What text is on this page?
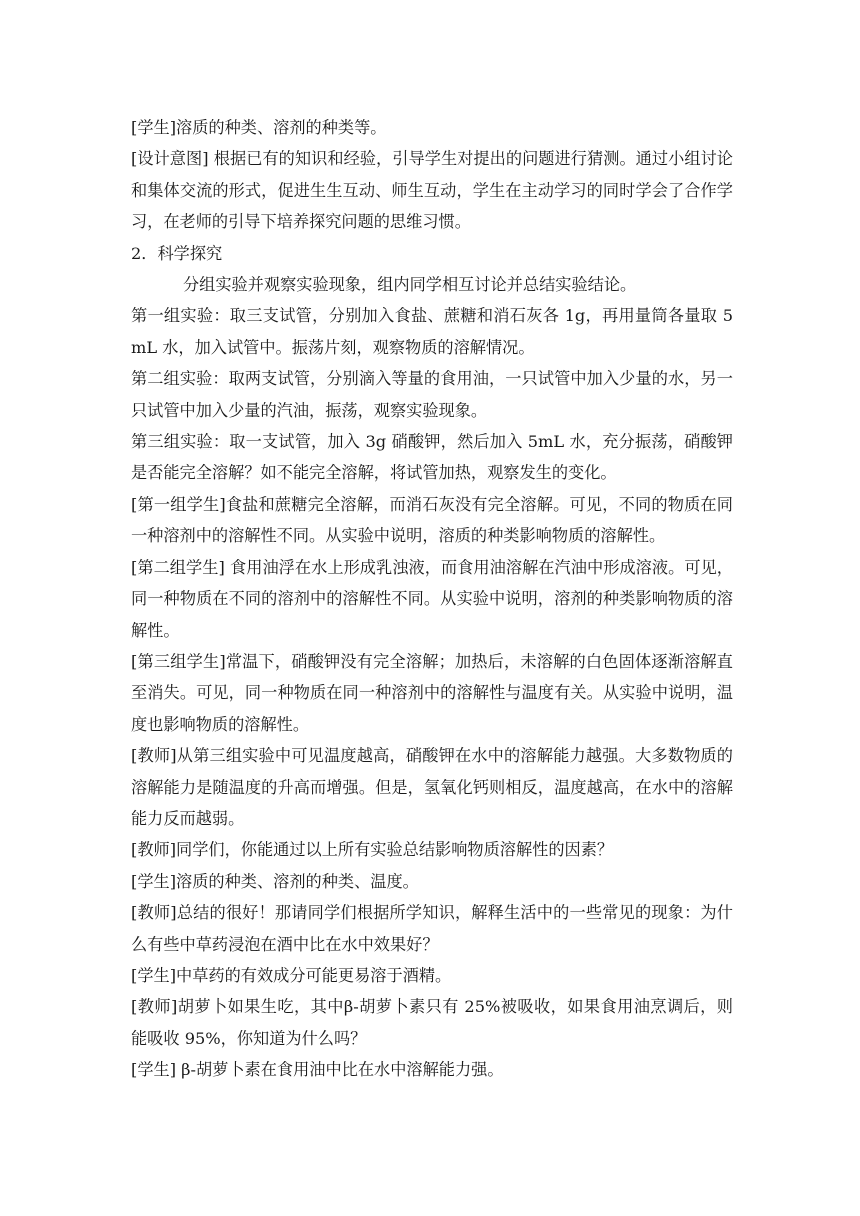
[学生]溶质的种类、溶剂的种类等。

[设计意图] 根据已有的知识和经验，引导学生对提出的问题进行猜测。通过小组讨论和集体交流的形式，促进生生互动、师生互动，学生在主动学习的同时学会了合作学习，在老师的引导下培养探究问题的思维习惯。

2．科学探究

分组实验并观察实验现象，组内同学相互讨论并总结实验结论。

第一组实验：取三支试管，分别加入食盐、蔗糖和消石灰各 1g，再用量筒各量取 5mL 水，加入试管中。振荡片刻，观察物质的溶解情况。

第二组实验：取两支试管，分别滴入等量的食用油，一只试管中加入少量的水，另一只试管中加入少量的汽油，振荡，观察实验现象。

第三组实验：取一支试管，加入 3g 硝酸钾，然后加入 5mL 水，充分振荡，硝酸钾是否能完全溶解？如不能完全溶解，将试管加热，观察发生的变化。

[第一组学生]食盐和蔗糖完全溶解，而消石灰没有完全溶解。可见，不同的物质在同一种溶剂中的溶解性不同。从实验中说明，溶质的种类影响物质的溶解性。

[第二组学生] 食用油浮在水上形成乳浊液，而食用油溶解在汽油中形成溶液。可见，同一种物质在不同的溶剂中的溶解性不同。从实验中说明，溶剂的种类影响物质的溶解性。

[第三组学生]常温下，硝酸钾没有完全溶解；加热后，未溶解的白色固体逐渐溶解直至消失。可见，同一种物质在同一种溶剂中的溶解性与温度有关。从实验中说明，温度也影响物质的溶解性。

[教师]从第三组实验中可见温度越高，硝酸钾在水中的溶解能力越强。大多数物质的溶解能力是随温度的升高而增强。但是，氢氧化钙则相反，温度越高，在水中的溶解能力反而越弱。

[教师]同学们，你能通过以上所有实验总结影响物质溶解性的因素？

[学生]溶质的种类、溶剂的种类、温度。

[教师]总结的很好！那请同学们根据所学知识，解释生活中的一些常见的现象：为什么有些中草药浸泡在酒中比在水中效果好？

[学生]中草药的有效成分可能更易溶于酒精。

[教师]胡萝卜如果生吃，其中β-胡萝卜素只有 25%被吸收，如果食用油烹调后，则能吸收 95%，你知道为什么吗？

[学生] β-胡萝卜素在食用油中比在水中溶解能力强。
